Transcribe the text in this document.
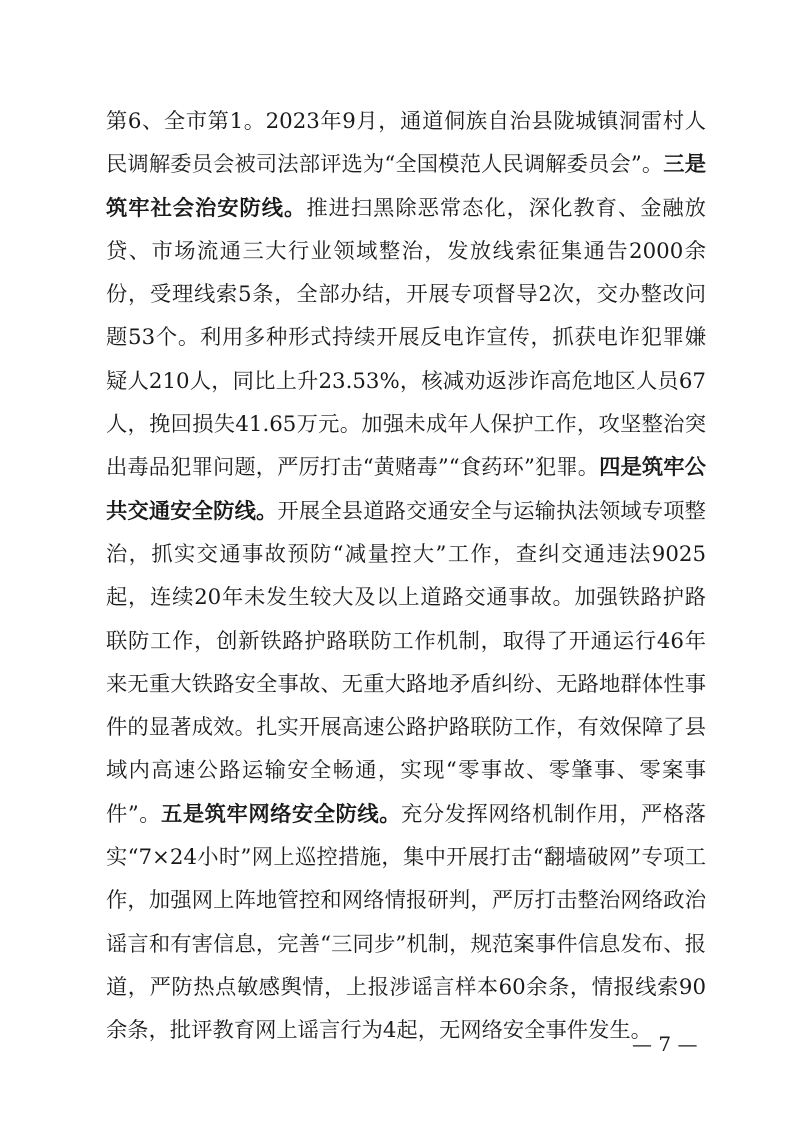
第6、全市第1。2023年9月，通道侗族自治县陇城镇洞雷村人民调解委员会被司法部评选为“全国模范人民调解委员会”。三是筑牢社会治安防线。推进扫黑除恶常态化，深化教育、金融放贷、市场流通三大行业领域整治，发放线索征集通告2000余份，受理线索5条，全部办结，开展专项督导2次，交办整改问题53个。利用多种形式持续开展反电诈宣传，抓获电诈犯罪嫌疑人210人，同比上升23.53%，核减劝返涉诈高危地区人员67人，挽回损失41.65万元。加强未成年人保护工作，攻坚整治突出毒品犯罪问题，严厉打击“黄赌毒”“食药环”犯罪。四是筑牢公共交通安全防线。开展全县道路交通安全与运输执法领域专项整治，抓实交通事故预防“减量控大”工作，查纠交通违法9025起，连续20年未发生较大及以上道路交通事故。加强铁路护路联防工作，创新铁路护路联防工作机制，取得了开通运行46年来无重大铁路安全事故、无重大路地矛盾纠纷、无路地群体性事件的显著成效。扎实开展高速公路护路联防工作，有效保障了县域内高速公路运输安全畅通，实现“零事故、零肇事、零案事件”。五是筑牢网络安全防线。充分发挥网络机制作用，严格落实“7×24小时”网上巡控措施，集中开展打击“翻墙破网”专项工作，加强网上阵地管控和网络情报研判，严厉打击整治网络政治谣言和有害信息，完善“三同步”机制，规范案事件信息发布、报道，严防热点敏感舆情，上报涉谣言样本60余条，情报线索90余条，批评教育网上谣言行为4起，无网络安全事件发生。

— 7 —
